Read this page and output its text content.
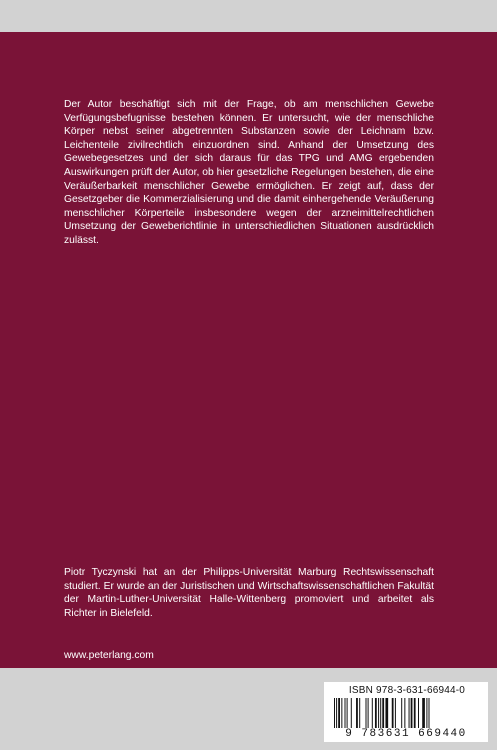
Der Autor beschäftigt sich mit der Frage, ob am menschlichen Gewebe Verfügungsbefugnisse bestehen können. Er untersucht, wie der menschliche Körper nebst seiner abgetrennten Substanzen sowie der Leichnam bzw. Leichenteile zivilrechtlich einzuordnen sind. Anhand der Umsetzung des Gewebegesetzes und der sich daraus für das TPG und AMG ergebenden Auswirkungen prüft der Autor, ob hier gesetzliche Regelungen bestehen, die eine Veräußerbarkeit menschlicher Gewebe ermöglichen. Er zeigt auf, dass der Gesetzgeber die Kommerzialisierung und die damit einhergehende Veräußerung menschlicher Körperteile insbesondere wegen der arzneimittelrechtlichen Umsetzung der Geweberichtlinie in unterschiedlichen Situationen ausdrücklich zulässt.

Piotr Tyczynski hat an der Philipps-Universität Marburg Rechtswissenschaft studiert. Er wurde an der Juristischen und Wirtschaftswissenschaftlichen Fakultät der Martin-Luther-Universität Halle-Wittenberg promoviert und arbeitet als Richter in Bielefeld.

www.peterlang.com

ISBN 978-3-631-66944-0
9 783631 669440
